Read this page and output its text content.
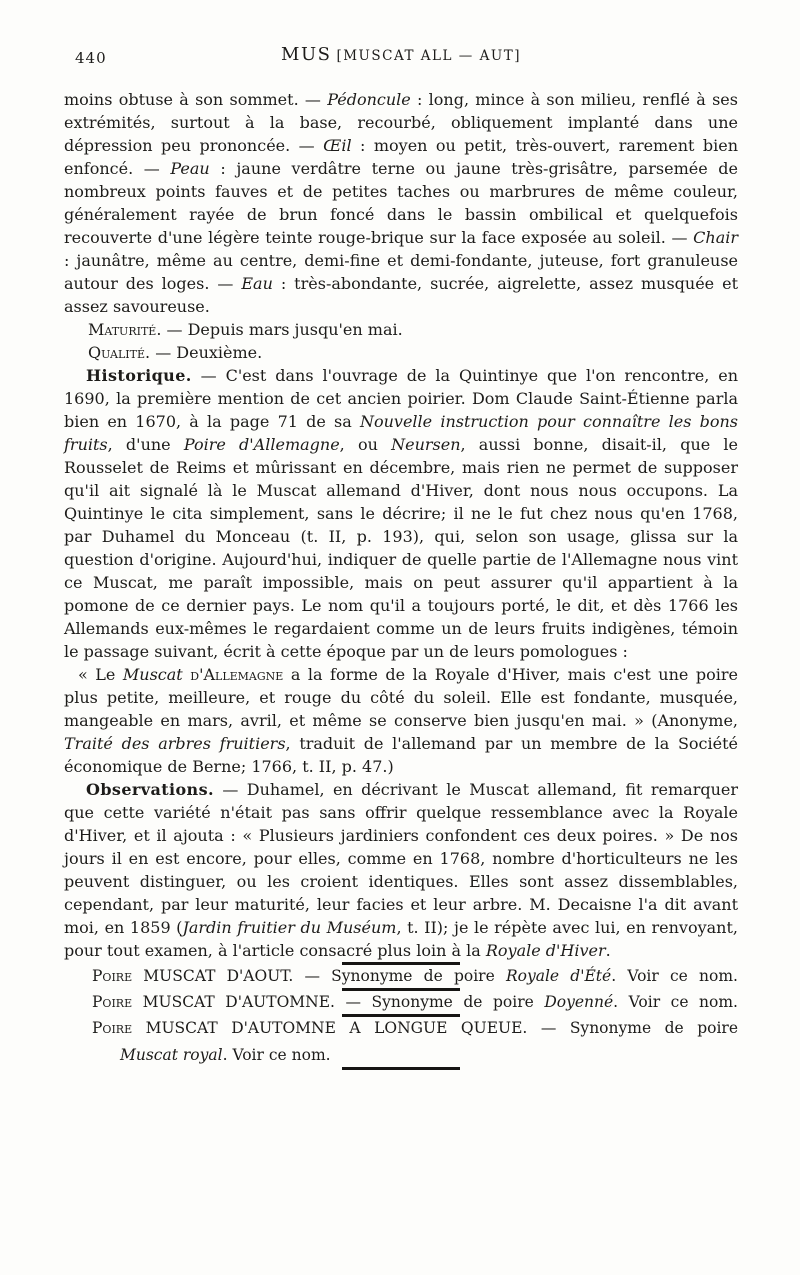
440	MUS [MUSCAT ALL — AUT]

moins obtuse à son sommet. — Pédoncule : long, mince à son milieu, renflé à ses extrémités, surtout à la base, recourbé, obliquement implanté dans une dépression peu prononcée. — Œil : moyen ou petit, très-ouvert, rarement bien enfoncé. — Peau : jaune verdâtre terne ou jaune très-grisâtre, parsemée de nombreux points fauves et de petites taches ou marbrures de même couleur, généralement rayée de brun foncé dans le bassin ombilical et quelquefois recouverte d'une légère teinte rouge-brique sur la face exposée au soleil. — Chair : jaunâtre, même au centre, demi-fine et demi-fondante, juteuse, fort granuleuse autour des loges. — Eau : très-abondante, sucrée, aigrelette, assez musquée et assez savoureuse.

Maturité. — Depuis mars jusqu'en mai.

Qualité. — Deuxième.

Historique. — C'est dans l'ouvrage de la Quintinye que l'on rencontre, en 1690, la première mention de cet ancien poirier. Dom Claude Saint-Étienne parla bien en 1670, à la page 71 de sa Nouvelle instruction pour connaître les bons fruits, d'une Poire d'Allemagne, ou Neursen, aussi bonne, disait-il, que le Rousselet de Reims et mûrissant en décembre, mais rien ne permet de supposer qu'il ait signalé là le Muscat allemand d'Hiver, dont nous nous occupons. La Quintinye le cita simplement, sans le décrire; il ne le fut chez nous qu'en 1768, par Duhamel du Monceau (t. II, p. 193), qui, selon son usage, glissa sur la question d'origine. Aujourd'hui, indiquer de quelle partie de l'Allemagne nous vint ce Muscat, me paraît impossible, mais on peut assurer qu'il appartient à la pomone de ce dernier pays. Le nom qu'il a toujours porté, le dit, et dès 1766 les Allemands eux-mêmes le regardaient comme un de leurs fruits indigènes, témoin le passage suivant, écrit à cette époque par un de leurs pomologues :

« Le Muscat d'Allemagne a la forme de la Royale d'Hiver, mais c'est une poire plus petite, meilleure, et rouge du côté du soleil. Elle est fondante, musquée, mangeable en mars, avril, et même se conserve bien jusqu'en mai. » (Anonyme, Traité des arbres fruitiers, traduit de l'allemand par un membre de la Société économique de Berne; 1766, t. II, p. 47.)

Observations. — Duhamel, en décrivant le Muscat allemand, fit remarquer que cette variété n'était pas sans offrir quelque ressemblance avec la Royale d'Hiver, et il ajouta : « Plusieurs jardiniers confondent ces deux poires. » De nos jours il en est encore, pour elles, comme en 1768, nombre d'horticulteurs ne les peuvent distinguer, ou les croient identiques. Elles sont assez dissemblables, cependant, par leur maturité, leur facies et leur arbre. M. Decaisne l'a dit avant moi, en 1859 (Jardin fruitier du Muséum, t. II); je le répète avec lui, en renvoyant, pour tout examen, à l'article consacré plus loin à la Royale d'Hiver.

Poire MUSCAT D'AOUT. — Synonyme de poire Royale d'Été. Voir ce nom.

Poire MUSCAT D'AUTOMNE. — Synonyme de poire Doyenné. Voir ce nom.

Poire MUSCAT D'AUTOMNE A LONGUE QUEUE. — Synonyme de poire

Muscat royal. Voir ce nom.
